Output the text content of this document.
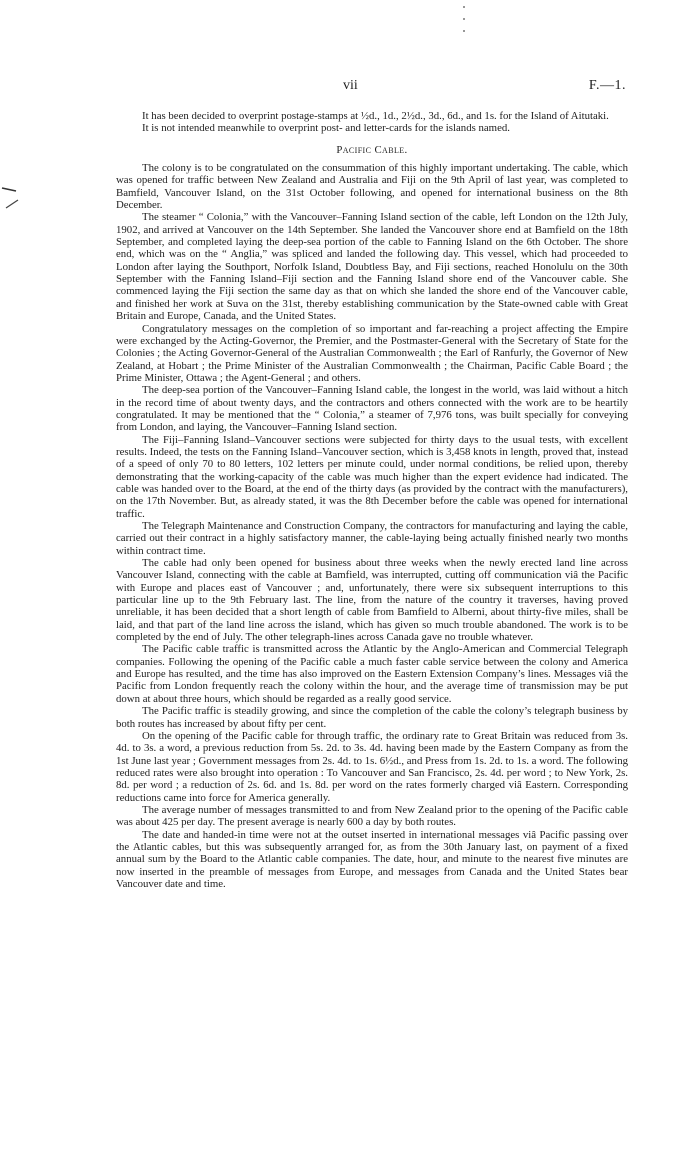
vii	F.—1.

It has been decided to overprint postage-stamps at ½d., 1d., 2½d., 3d., 6d., and 1s. for the Island of Aitutaki.

It is not intended meanwhile to overprint post- and letter-cards for the islands named.

Pacific Cable.

The colony is to be congratulated on the consummation of this highly important undertaking. The cable, which was opened for traffic between New Zealand and Australia and Fiji on the 9th April of last year, was completed to Bamfield, Vancouver Island, on the 31st October following, and opened for international business on the 8th December.

The steamer “ Colonia,” with the Vancouver–Fanning Island section of the cable, left London on the 12th July, 1902, and arrived at Vancouver on the 14th September. She landed the Vancouver shore end at Bamfield on the 18th September, and completed laying the deep-sea portion of the cable to Fanning Island on the 6th October. The shore end, which was on the “ Anglia,” was spliced and landed the following day. This vessel, which had proceeded to London after laying the Southport, Norfolk Island, Doubtless Bay, and Fiji sections, reached Honolulu on the 30th September with the Fanning Island–Fiji section and the Fanning Island shore end of the Vancouver cable. She commenced laying the Fiji section the same day as that on which she landed the shore end of the Vancouver cable, and finished her work at Suva on the 31st, thereby establishing communication by the State-owned cable with Great Britain and Europe, Canada, and the United States.

Congratulatory messages on the completion of so important and far-reaching a project affecting the Empire were exchanged by the Acting-Governor, the Premier, and the Postmaster-General with the Secretary of State for the Colonies ; the Acting Governor-General of the Australian Commonwealth ; the Earl of Ranfurly, the Governor of New Zealand, at Hobart ; the Prime Minister of the Australian Commonwealth ; the Chairman, Pacific Cable Board ; the Prime Minister, Ottawa ; the Agent-General ; and others.

The deep-sea portion of the Vancouver–Fanning Island cable, the longest in the world, was laid without a hitch in the record time of about twenty days, and the contractors and others connected with the work are to be heartily congratulated. It may be mentioned that the “ Colonia,” a steamer of 7,976 tons, was built specially for conveying from London, and laying, the Vancouver–Fanning Island section.

The Fiji–Fanning Island–Vancouver sections were subjected for thirty days to the usual tests, with excellent results. Indeed, the tests on the Fanning Island–Vancouver section, which is 3,458 knots in length, proved that, instead of a speed of only 70 to 80 letters, 102 letters per minute could, under normal conditions, be relied upon, thereby demonstrating that the working-capacity of the cable was much higher than the expert evidence had indicated. The cable was handed over to the Board, at the end of the thirty days (as provided by the contract with the manufacturers), on the 17th November. But, as already stated, it was the 8th December before the cable was opened for international traffic.

The Telegraph Maintenance and Construction Company, the contractors for manufacturing and laying the cable, carried out their contract in a highly satisfactory manner, the cable-laying being actually finished nearly two months within contract time.

The cable had only been opened for business about three weeks when the newly erected land line across Vancouver Island, connecting with the cable at Bamfield, was interrupted, cutting off communication viâ the Pacific with Europe and places east of Vancouver ; and, unfortunately, there were six subsequent interruptions to this particular line up to the 9th February last. The line, from the nature of the country it traverses, having proved unreliable, it has been decided that a short length of cable from Bamfield to Alberni, about thirty-five miles, shall be laid, and that part of the land line across the island, which has given so much trouble abandoned. The work is to be completed by the end of July. The other telegraph-lines across Canada gave no trouble whatever.

The Pacific cable traffic is transmitted across the Atlantic by the Anglo-American and Commercial Telegraph companies. Following the opening of the Pacific cable a much faster cable service between the colony and America and Europe has resulted, and the time has also improved on the Eastern Extension Company’s lines. Messages viâ the Pacific from London frequently reach the colony within the hour, and the average time of transmission may be put down at about three hours, which should be regarded as a really good service.

The Pacific traffic is steadily growing, and since the completion of the cable the colony’s telegraph business by both routes has increased by about fifty per cent.

On the opening of the Pacific cable for through traffic, the ordinary rate to Great Britain was reduced from 3s. 4d. to 3s. a word, a previous reduction from 5s. 2d. to 3s. 4d. having been made by the Eastern Company as from the 1st June last year ; Government messages from 2s. 4d. to 1s. 6½d., and Press from 1s. 2d. to 1s. a word. The following reduced rates were also brought into operation : To Vancouver and San Francisco, 2s. 4d. per word ; to New York, 2s. 8d. per word ; a reduction of 2s. 6d. and 1s. 8d. per word on the rates formerly charged viâ Eastern. Corresponding reductions came into force for America generally.

The average number of messages transmitted to and from New Zealand prior to the opening of the Pacific cable was about 425 per day. The present average is nearly 600 a day by both routes.

The date and handed-in time were not at the outset inserted in international messages viâ Pacific passing over the Atlantic cables, but this was subsequently arranged for, as from the 30th January last, on payment of a fixed annual sum by the Board to the Atlantic cable companies. The date, hour, and minute to the nearest five minutes are now inserted in the preamble of messages from Europe, and messages from Canada and the United States bear Vancouver date and time.
